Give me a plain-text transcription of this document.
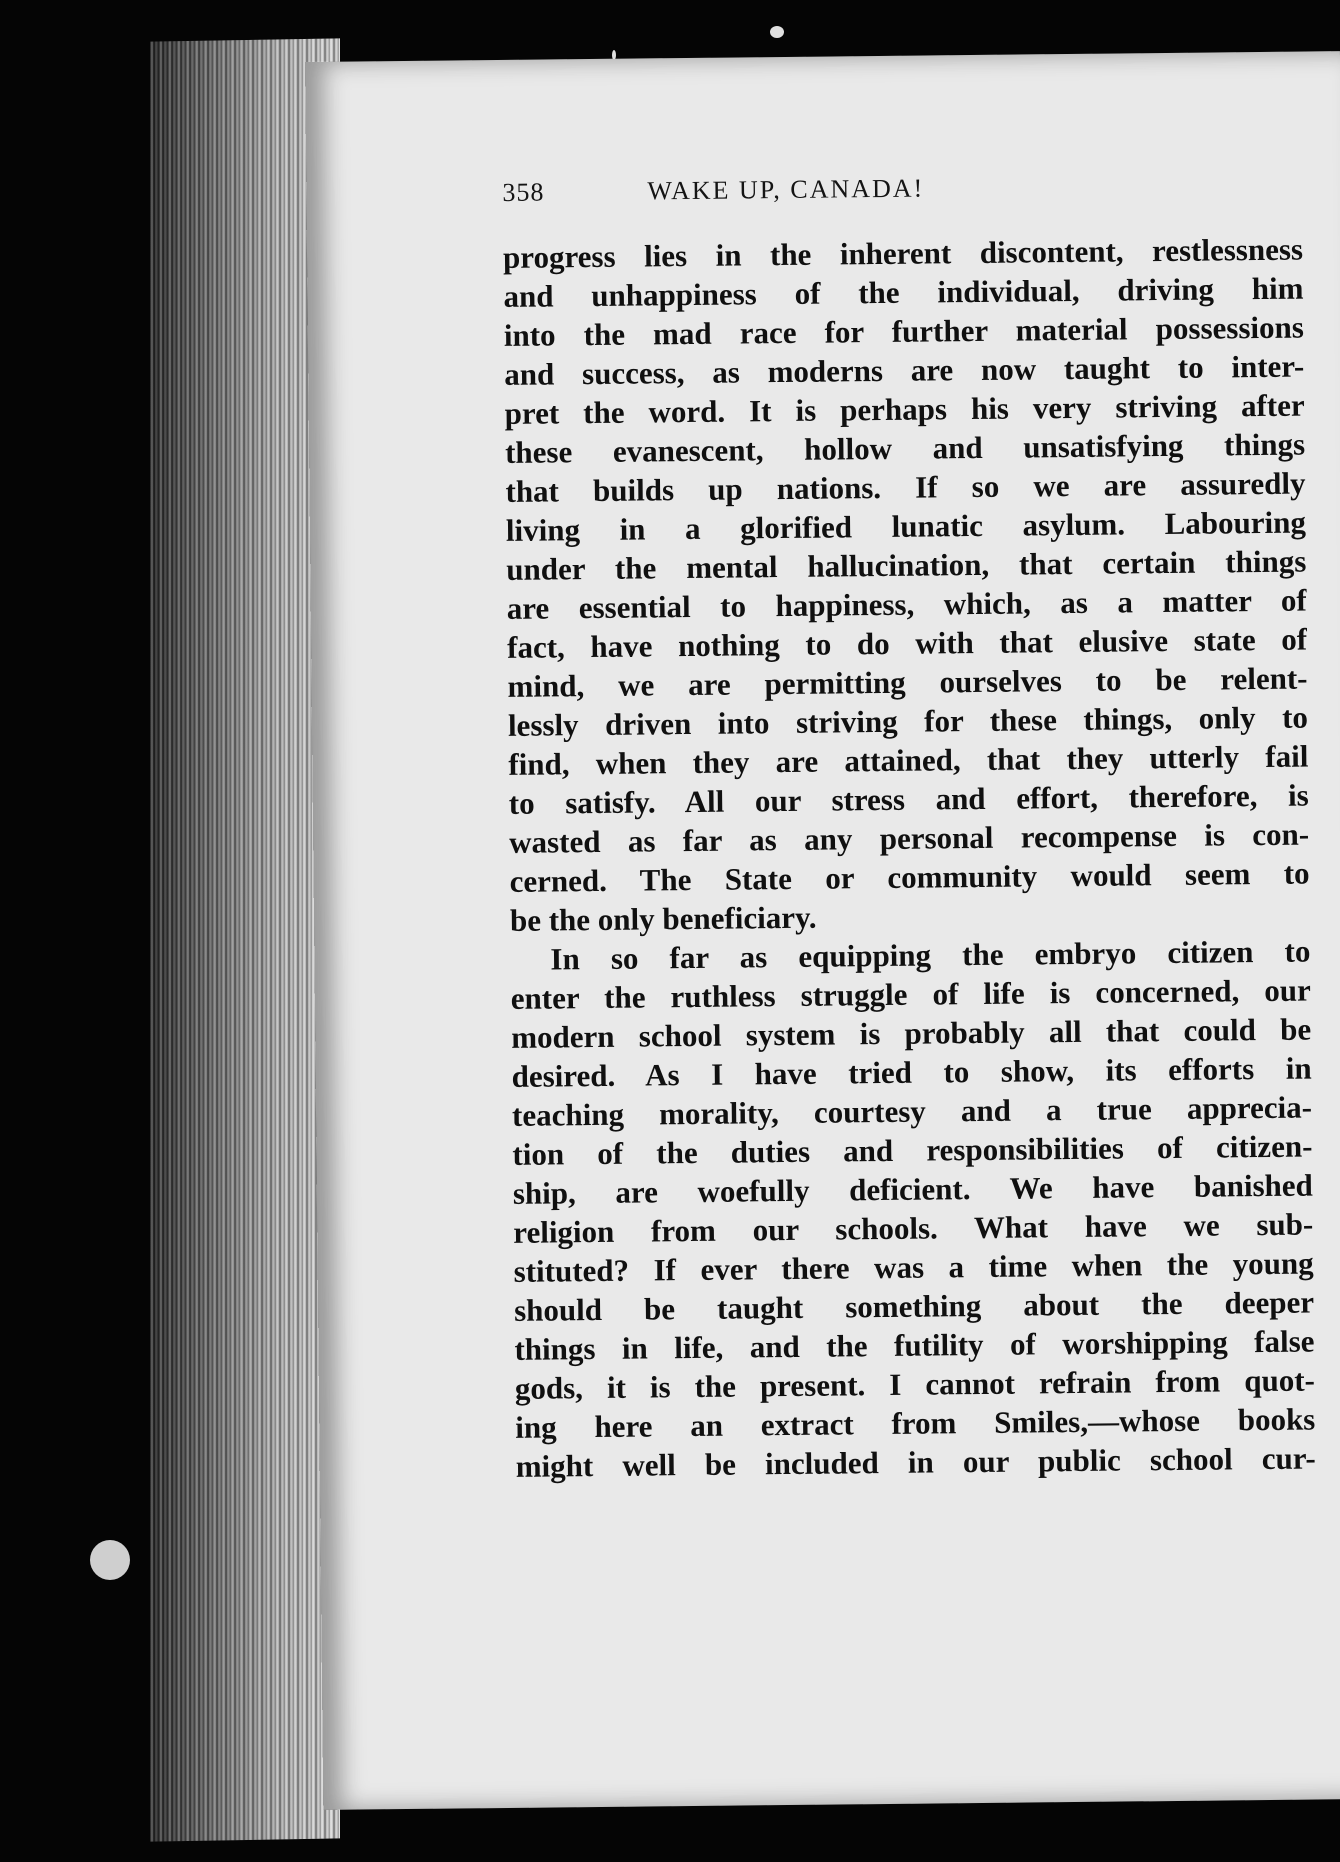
358	WAKE UP, CANADA!
progress lies in the inherent discontent, restlessness
and unhappiness of the individual, driving him
into the mad race for further material possessions
and success, as moderns are now taught to inter-
pret the word. It is perhaps his very striving after
these evanescent, hollow and unsatisfying things
that builds up nations. If so we are assuredly
living in a glorified lunatic asylum. Labouring
under the mental hallucination, that certain things
are essential to happiness, which, as a matter of
fact, have nothing to do with that elusive state of
mind, we are permitting ourselves to be relent-
lessly driven into striving for these things, only to
find, when they are attained, that they utterly fail
to satisfy. All our stress and effort, therefore, is
wasted as far as any personal recompense is con-
cerned. The State or community would seem to
be the only beneficiary.
In so far as equipping the embryo citizen to
enter the ruthless struggle of life is concerned, our
modern school system is probably all that could be
desired. As I have tried to show, its efforts in
teaching morality, courtesy and a true apprecia-
tion of the duties and responsibilities of citizen-
ship, are woefully deficient. We have banished
religion from our schools. What have we sub-
stituted? If ever there was a time when the young
should be taught something about the deeper
things in life, and the futility of worshipping false
gods, it is the present. I cannot refrain from quot-
ing here an extract from Smiles,—whose books
might well be included in our public school cur-
